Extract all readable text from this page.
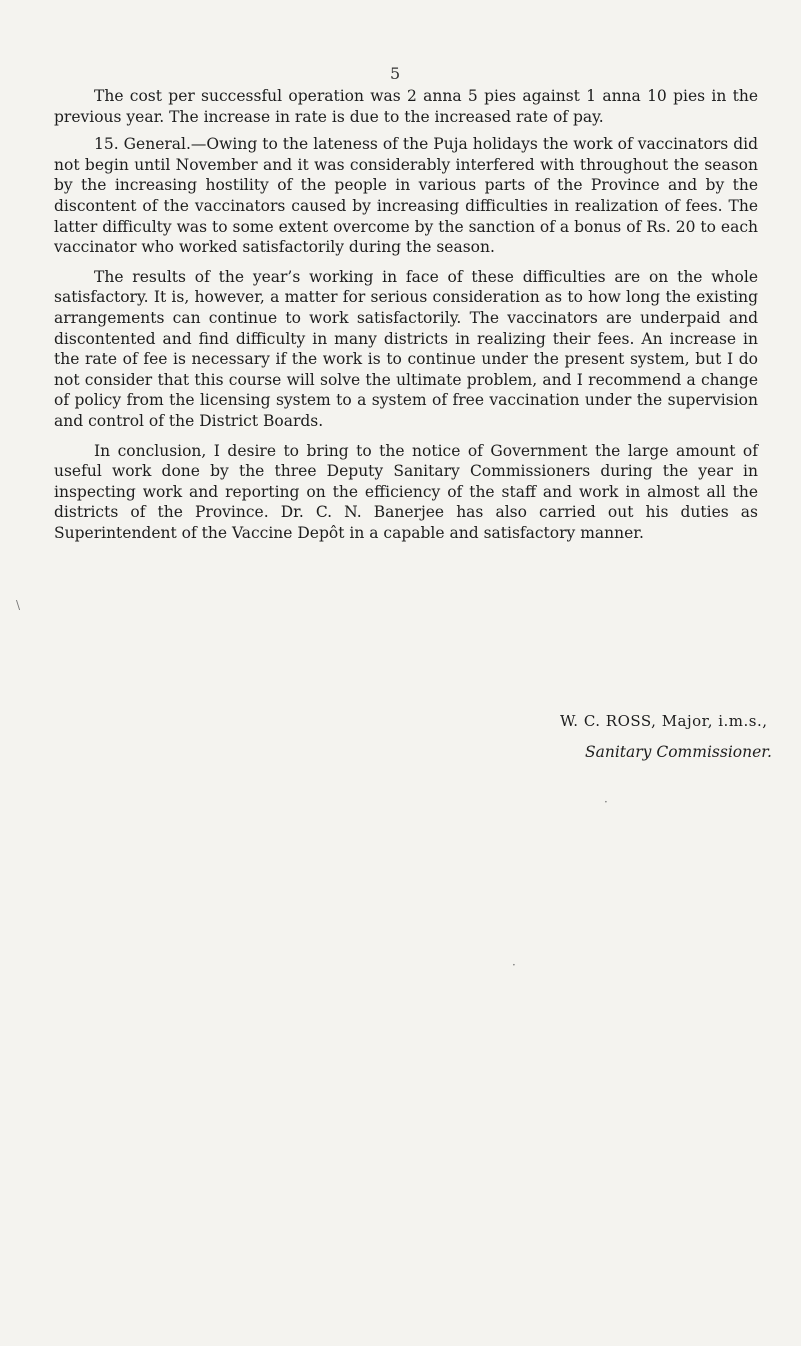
5

The cost per successful operation was 2 anna 5 pies against 1 anna 10 pies in the previous year. The increase in rate is due to the increased rate of pay.

15. General.—Owing to the lateness of the Puja holidays the work of vaccinators did not begin until November and it was considerably interfered with throughout the season by the increasing hostility of the people in various parts of the Province and by the discontent of the vaccinators caused by increasing difficulties in realization of fees. The latter difficulty was to some extent overcome by the sanction of a bonus of Rs. 20 to each vaccinator who worked satisfactorily during the season.

The results of the year’s working in face of these difficulties are on the whole satisfactory. It is, however, a matter for serious consideration as to how long the existing arrangements can continue to work satisfactorily. The vaccinators are underpaid and discontented and find difficulty in many districts in realizing their fees. An increase in the rate of fee is necessary if the work is to continue under the present system, but I do not consider that this course will solve the ultimate problem, and I recommend a change of policy from the licensing system to a system of free vaccination under the supervision and control of the District Boards.

In conclusion, I desire to bring to the notice of Government the large amount of useful work done by the three Deputy Sanitary Commissioners during the year in inspecting work and reporting on the efficiency of the staff and work in almost all the districts of the Province. Dr. C. N. Banerjee has also carried out his duties as Superintendent of the Vaccine Depôt in a capable and satisfactory manner.

W. C. ROSS, Major, i.m.s.,
Sanitary Commissioner.
\
·
·
